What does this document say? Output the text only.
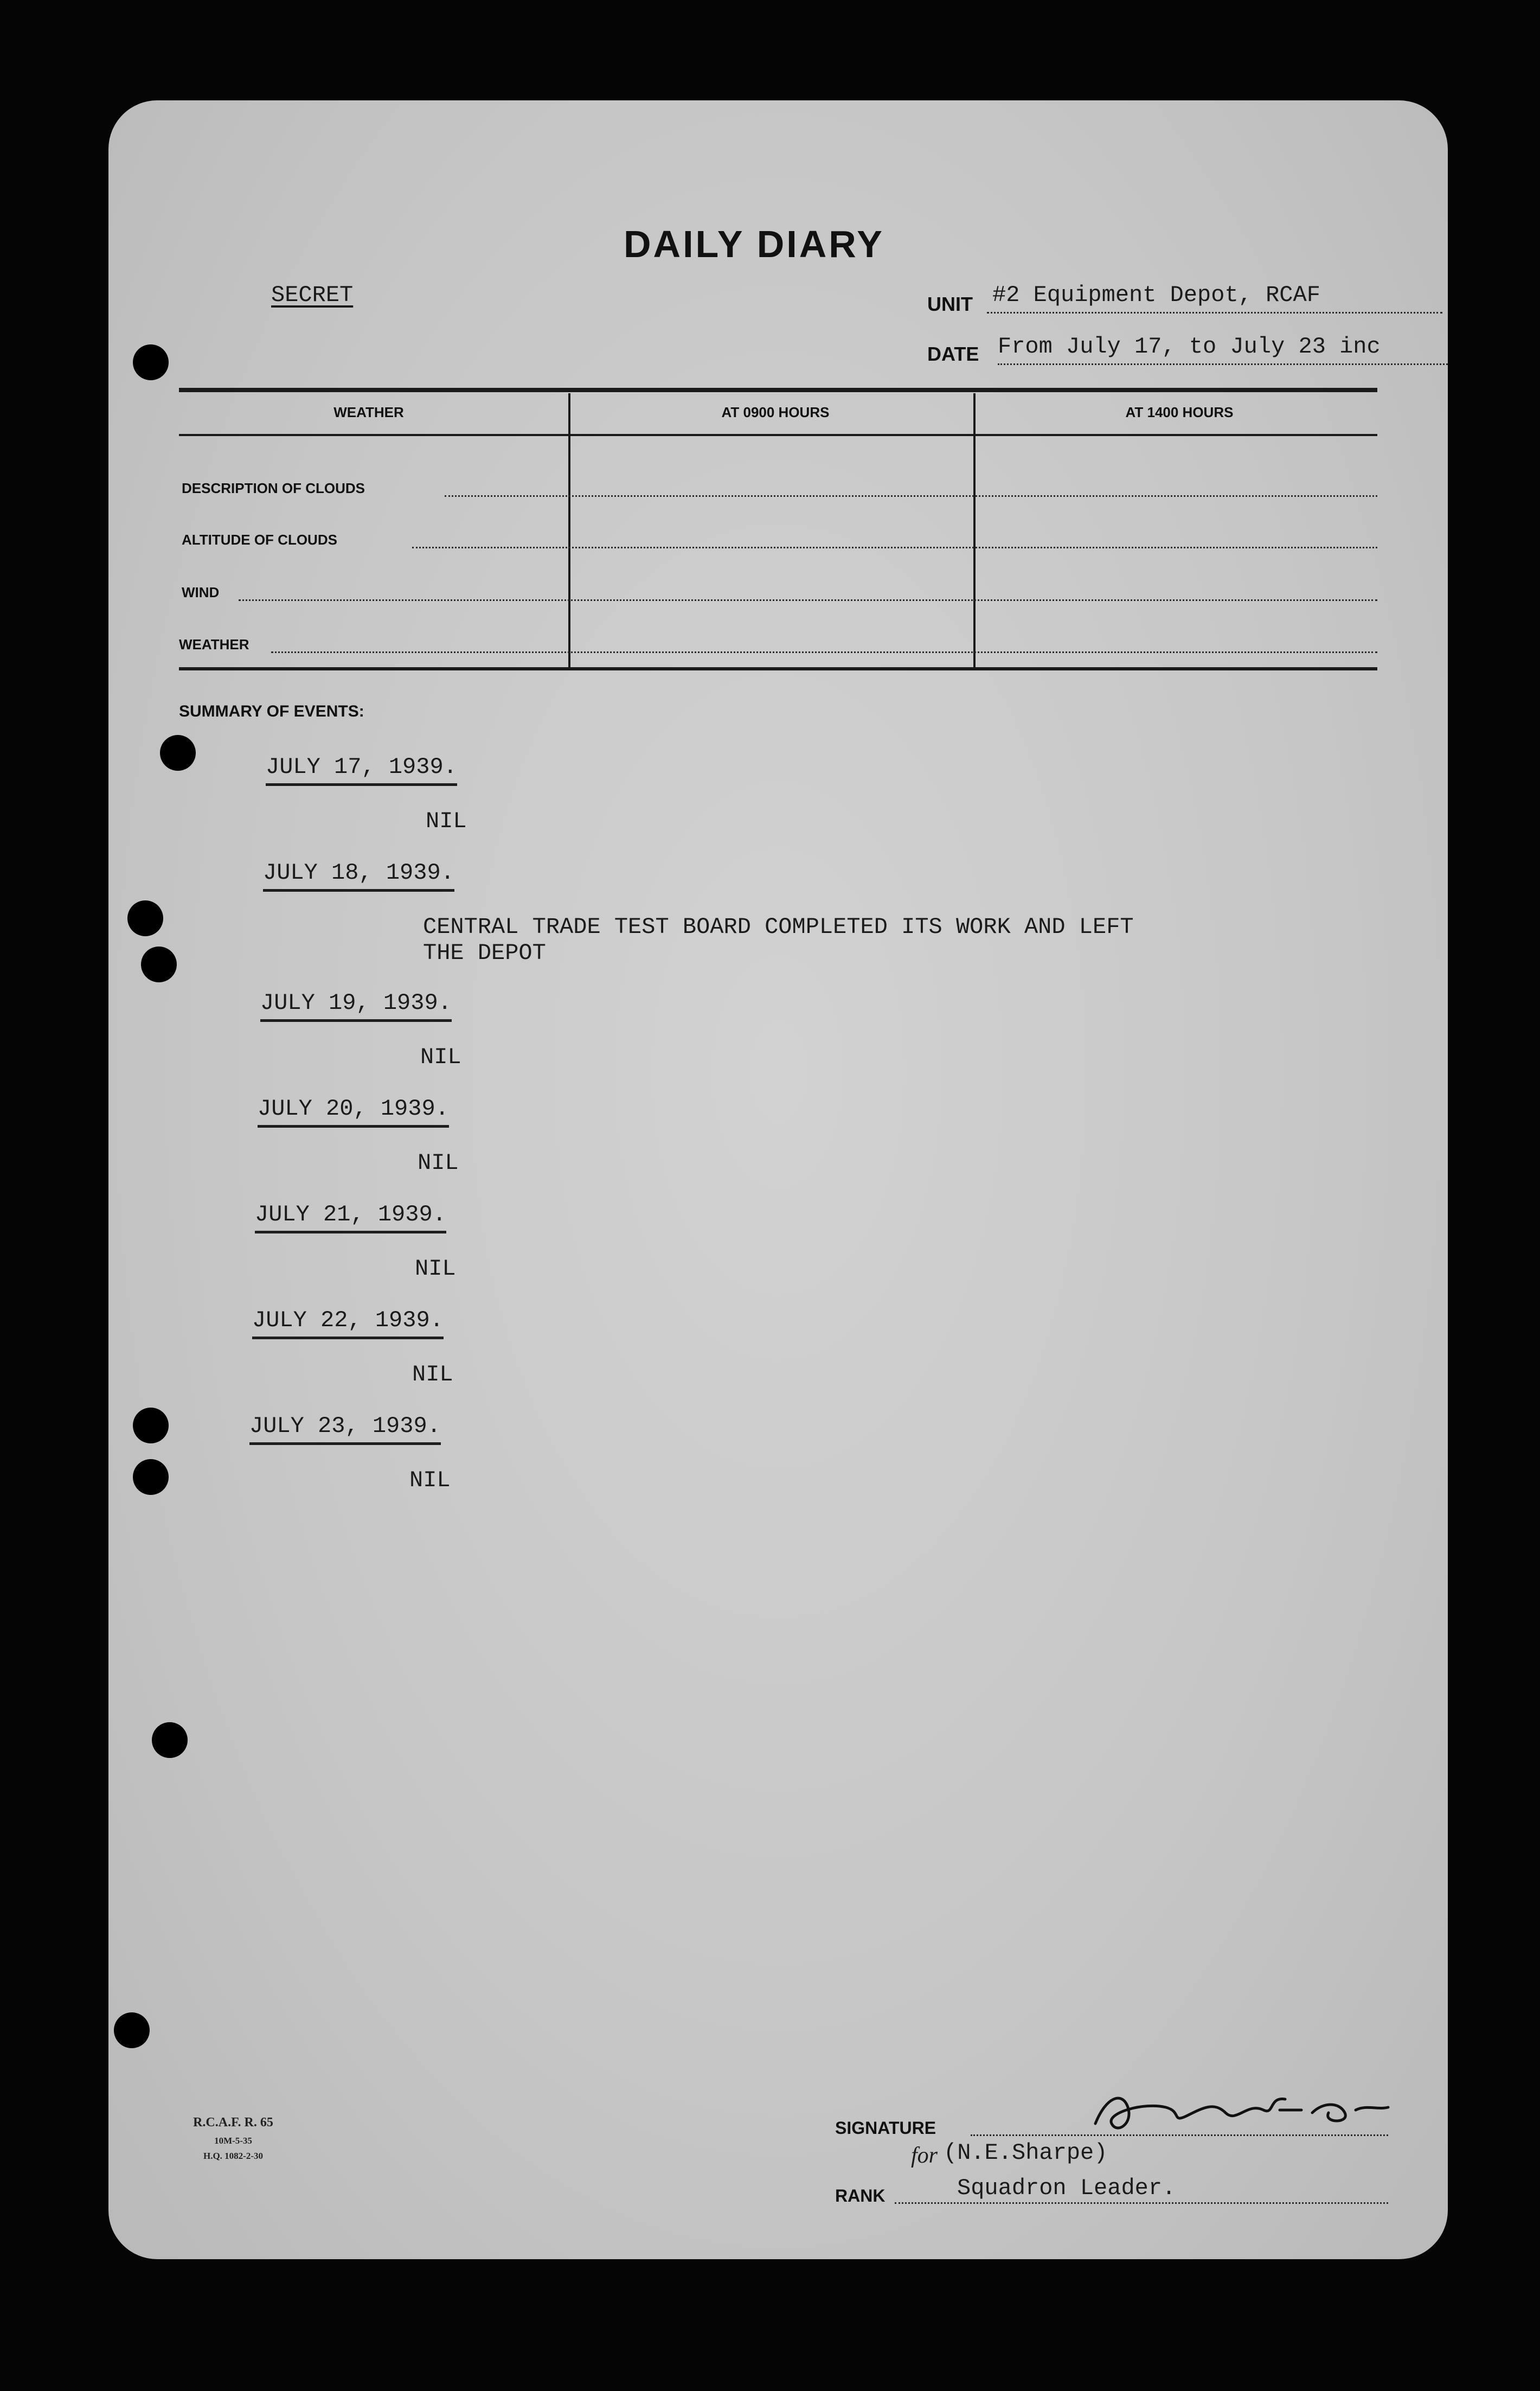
DAILY DIARY
SECRET	UNIT #2 Equipment Depot, RCAF
DATE From July 17, to July 23 inc
WEATHER	AT 0900 HOURS	AT 1400 HOURS
DESCRIPTION OF CLOUDS
ALTITUDE OF CLOUDS
WIND
WEATHER
SUMMARY OF EVENTS:
JULY 17, 1939.
NIL
JULY 18, 1939.
CENTRAL TRADE TEST BOARD COMPLETED ITS WORK AND LEFT
THE DEPOT
JULY 19, 1939.
NIL
JULY 20, 1939.
NIL
JULY 21, 1939.
NIL
JULY 22, 1939.
NIL
JULY 23, 1939.
NIL
R.C.A.F. R. 65
10M-5-35
H.Q. 1082-2-30
SIGNATURE
for (N.E.Sharpe)
RANK	Squadron Leader.
